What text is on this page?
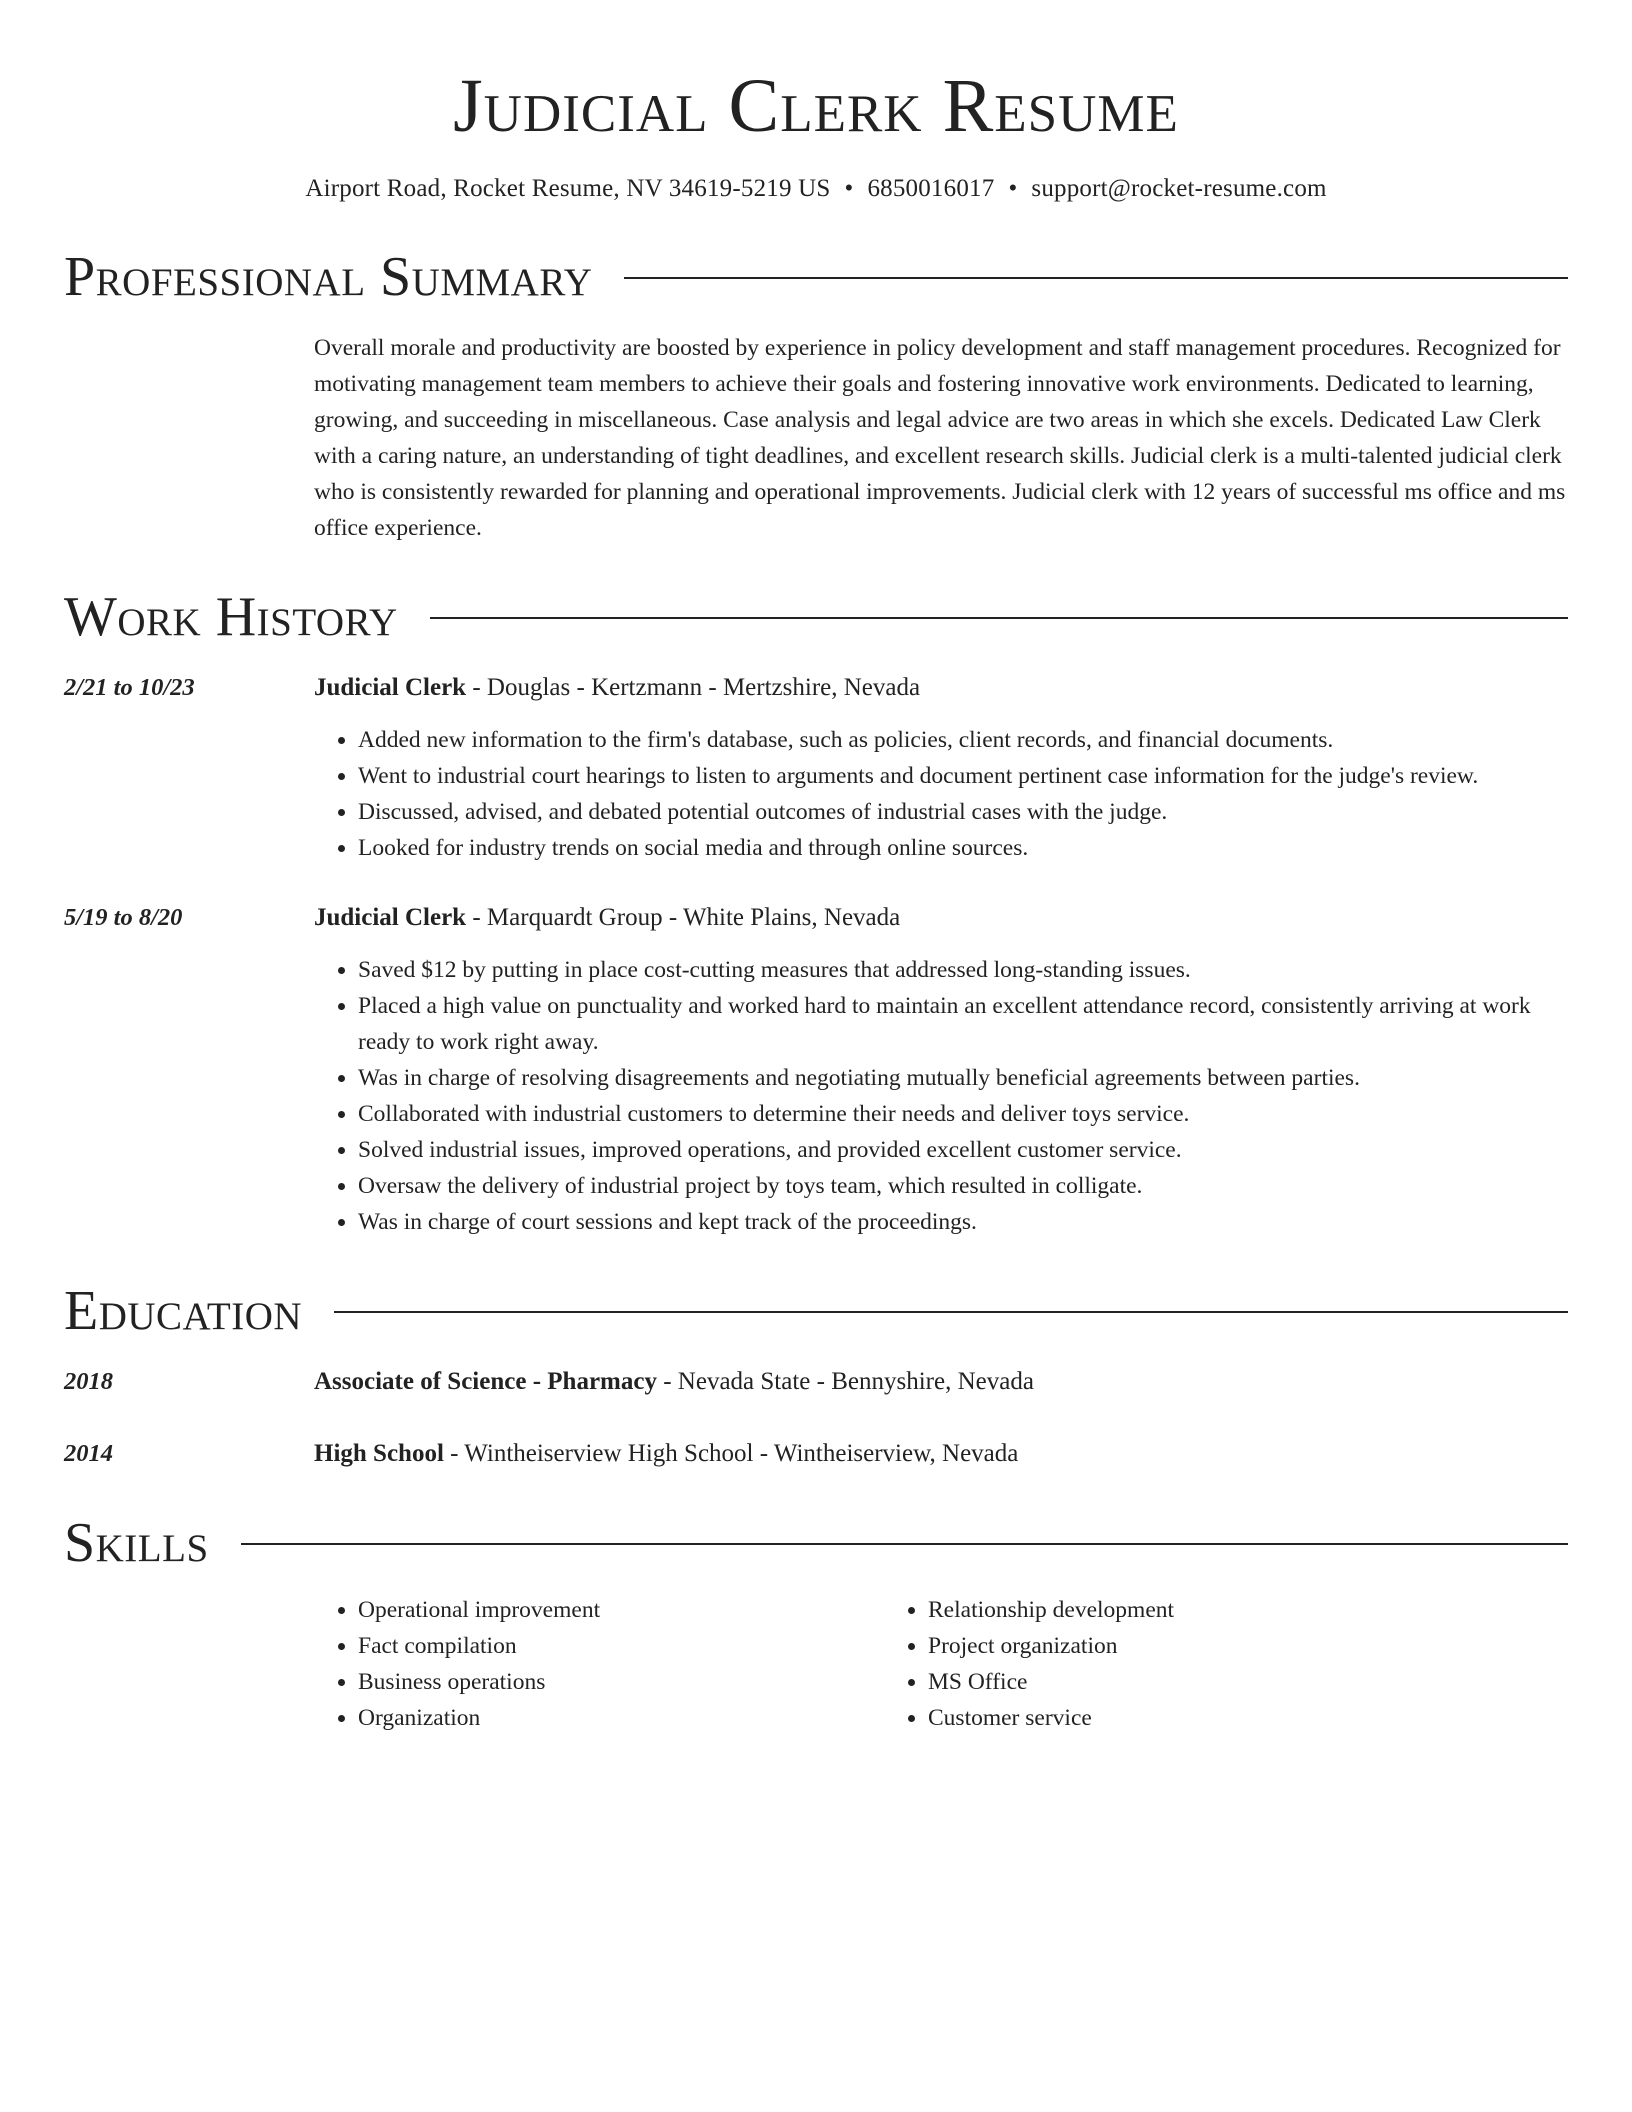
Judicial Clerk Resume
Airport Road, Rocket Resume, NV 34619-5219 US • 6850016017 • support@rocket-resume.com
Professional Summary
Overall morale and productivity are boosted by experience in policy development and staff management procedures. Recognized for motivating management team members to achieve their goals and fostering innovative work environments. Dedicated to learning, growing, and succeeding in miscellaneous. Case analysis and legal advice are two areas in which she excels. Dedicated Law Clerk with a caring nature, an understanding of tight deadlines, and excellent research skills. Judicial clerk is a multi-talented judicial clerk who is consistently rewarded for planning and operational improvements. Judicial clerk with 12 years of successful ms office and ms office experience.
Work History
2/21 to 10/23	Judicial Clerk - Douglas - Kertzmann - Mertzshire, Nevada
• Added new information to the firm's database, such as policies, client records, and financial documents.
• Went to industrial court hearings to listen to arguments and document pertinent case information for the judge's review.
• Discussed, advised, and debated potential outcomes of industrial cases with the judge.
• Looked for industry trends on social media and through online sources.
5/19 to 8/20	Judicial Clerk - Marquardt Group - White Plains, Nevada
• Saved $12 by putting in place cost-cutting measures that addressed long-standing issues.
• Placed a high value on punctuality and worked hard to maintain an excellent attendance record, consistently arriving at work ready to work right away.
• Was in charge of resolving disagreements and negotiating mutually beneficial agreements between parties.
• Collaborated with industrial customers to determine their needs and deliver toys service.
• Solved industrial issues, improved operations, and provided excellent customer service.
• Oversaw the delivery of industrial project by toys team, which resulted in colligate.
• Was in charge of court sessions and kept track of the proceedings.
Education
2018	Associate of Science - Pharmacy - Nevada State - Bennyshire, Nevada
2014	High School - Wintheiserview High School - Wintheiserview, Nevada
Skills
• Operational improvement
• Fact compilation
• Business operations
• Organization
• Relationship development
• Project organization
• MS Office
• Customer service
